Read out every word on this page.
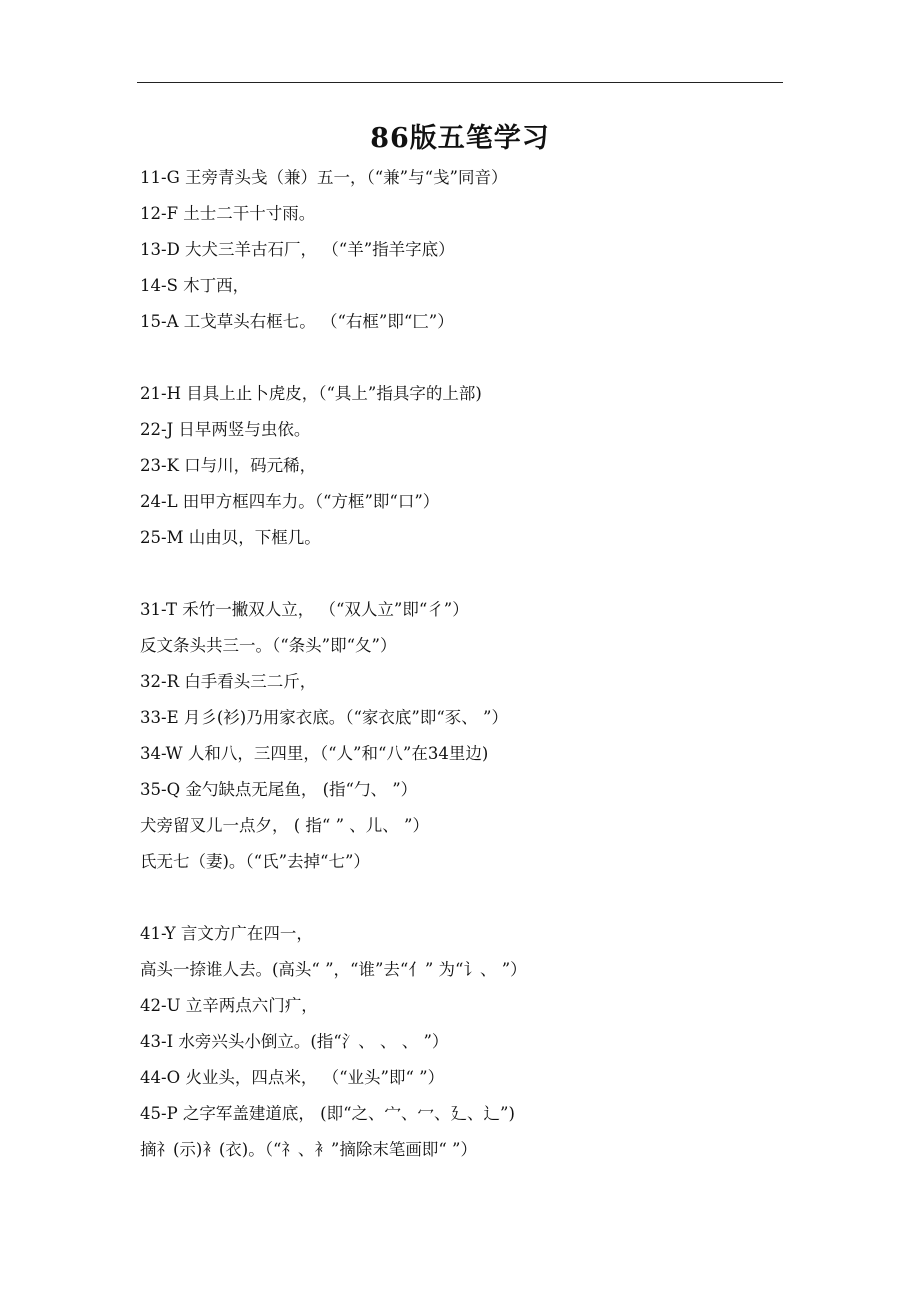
86版五笔学习
11-G 王旁青头戋（兼）五一，（“兼”与“戋”同音）
12-F 土士二干十寸雨。
13-D 大犬三羊古石厂， （“羊”指羊字底）
14-S 木丁西，
15-A 工戈草头右框七。 （“右框”即“匚”）
21-H 目具上止卜虎皮，（“具上”指具字的上部)
22-J 日早两竖与虫依。
23-K 口与川，码元稀，
24-L 田甲方框四车力。（“方框”即“口”）
25-M 山由贝，下框几。
31-T 禾竹一撇双人立， （“双人立”即“彳”）
反文条头共三一。（“条头”即“夂”）
32-R 白手看头三二斤，
33-E 月彡(衫)乃用家衣底。（“家衣底”即“豕、 ”）
34-W 人和八，三四里，（“人”和“八”在34里边)
35-Q 金勺缺点无尾鱼， (指“勹、 ”）
犬旁留叉儿一点夕， ( 指“ ” 、儿、 ”）
氏无七（妻)。（“氏”去掉“七”）
41-Y 言文方广在四一，
高头一捺谁人去。(高头“ ”，“谁”去“亻” 为“讠、 ”）
42-U 立辛两点六门疒，
43-I 水旁兴头小倒立。(指“氵、 、 、 ”）
44-O 火业头，四点米， （“业头”即“ ”）
45-P 之字军盖建道底， (即“之、宀、冖、廴、辶”)
摘礻(示)衤(衣)。（“礻、衤”摘除末笔画即“ ”）
